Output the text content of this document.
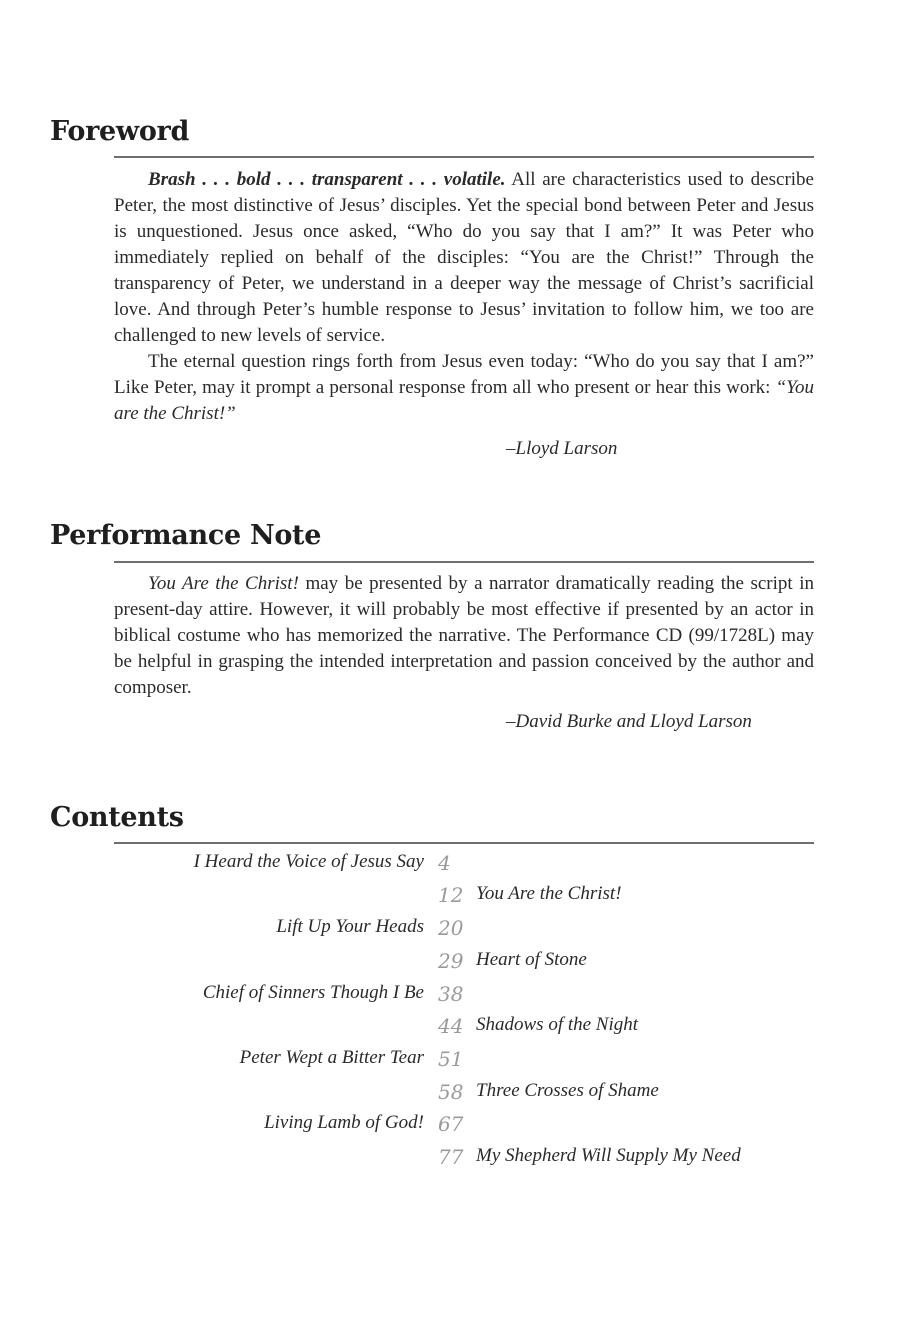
Foreword

Brash . . . bold . . . transparent . . . volatile. All are characteristics used to describe Peter, the most distinctive of Jesus’ disciples. Yet the special bond between Peter and Jesus is unquestioned. Jesus once asked, “Who do you say that I am?” It was Peter who immediately replied on behalf of the disciples: “You are the Christ!” Through the transparency of Peter, we understand in a deeper way the message of Christ’s sacrificial love. And through Peter’s humble response to Jesus’ invitation to follow him, we too are challenged to new levels of service.

The eternal question rings forth from Jesus even today: “Who do you say that I am?” Like Peter, may it prompt a personal response from all who present or hear this work: “You are the Christ!”

–Lloyd Larson

Performance Note

You Are the Christ! may be presented by a narrator dramatically reading the script in present-day attire. However, it will probably be most effective if presented by an actor in biblical costume who has memorized the narrative. The Performance CD (99/1728L) may be helpful in grasping the intended interpretation and passion conceived by the author and composer.

–David Burke and Lloyd Larson

Contents
I Heard the Voice of Jesus Say 4
12 You Are the Christ!
Lift Up Your Heads 20
29 Heart of Stone
Chief of Sinners Though I Be 38
44 Shadows of the Night
Peter Wept a Bitter Tear 51
58 Three Crosses of Shame
Living Lamb of God! 67
77 My Shepherd Will Supply My Need
